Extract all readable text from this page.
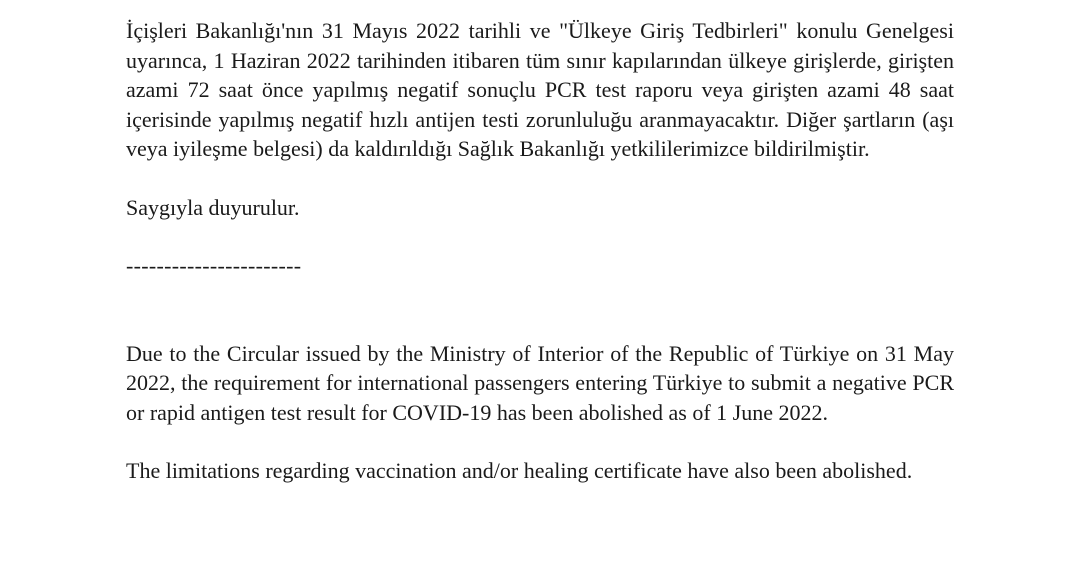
İçişleri Bakanlığı'nın 31 Mayıs 2022 tarihli ve "Ülkeye Giriş Tedbirleri" konulu Genelgesi uyarınca, 1 Haziran 2022 tarihinden itibaren tüm sınır kapılarından ülkeye girişlerde, girişten azami 72 saat önce yapılmış negatif sonuçlu PCR test raporu veya girişten azami 48 saat içerisinde yapılmış negatif hızlı antijen testi zorunluluğu aranmayacaktır. Diğer şartların (aşı veya iyileşme belgesi) da kaldırıldığı Sağlık Bakanlığı yetkililerimizce bildirilmiştir.

Saygıyla duyurulur.

-----------------------

Due to the Circular issued by the Ministry of Interior of the Republic of Türkiye on 31 May 2022, the requirement for international passengers entering Türkiye to submit a negative PCR or rapid antigen test result for COVID-19 has been abolished as of 1 June 2022.

The limitations regarding vaccination and/or healing certificate have also been abolished.
